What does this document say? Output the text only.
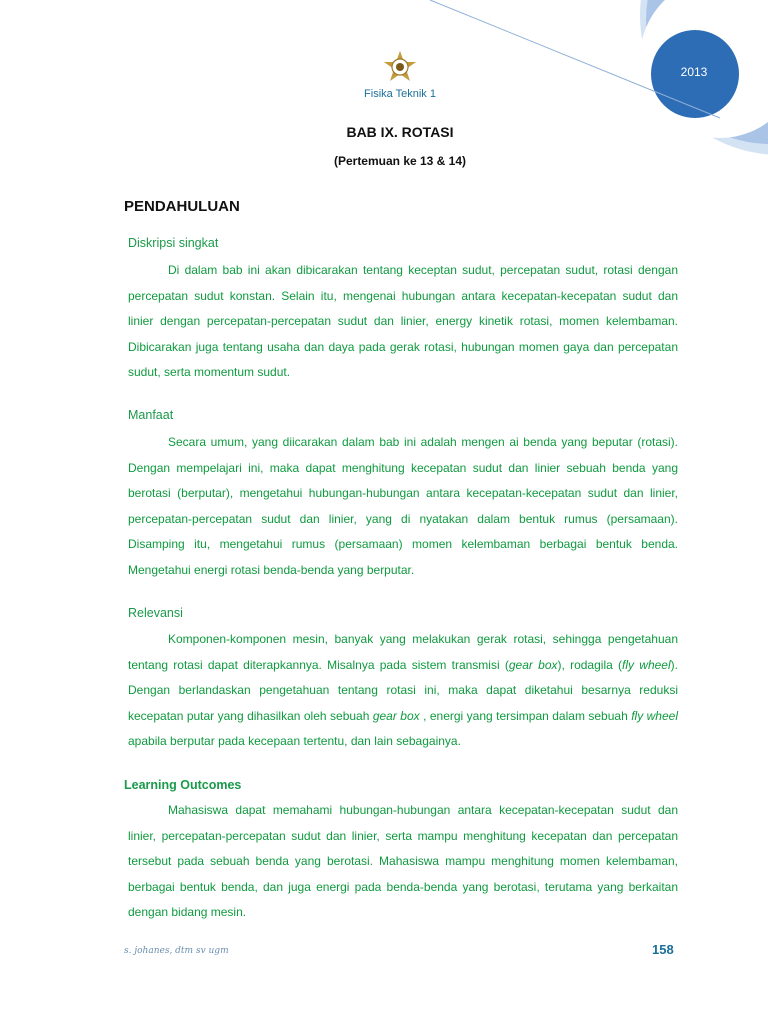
2013
Fisika Teknik 1
BAB IX. ROTASI
(Pertemuan ke 13 & 14)
PENDAHULUAN
Diskripsi singkat
Di dalam bab ini akan dibicarakan tentang keceptan sudut, percepatan sudut, rotasi dengan percepatan sudut konstan. Selain itu, mengenai hubungan antara kecepatan-kecepatan sudut dan linier dengan percepatan-percepatan sudut dan linier, energy kinetik rotasi, momen kelembaman. Dibicarakan juga tentang usaha dan daya pada gerak rotasi, hubungan momen gaya dan percepatan sudut, serta momentum sudut.
Manfaat
Secara umum, yang diicarakan dalam bab ini adalah mengen ai benda yang beputar (rotasi). Dengan mempelajari ini, maka dapat menghitung kecepatan sudut dan linier sebuah benda yang berotasi (berputar), mengetahui hubungan-hubungan antara kecepatan-kecepatan sudut dan linier, percepatan-percepatan sudut dan linier, yang di nyatakan dalam bentuk rumus (persamaan). Disamping itu, mengetahui rumus (persamaan) momen kelembaman berbagai bentuk benda. Mengetahui energi rotasi benda-benda yang berputar.
Relevansi
Komponen-komponen mesin, banyak yang melakukan gerak rotasi, sehingga pengetahuan tentang rotasi dapat diterapkannya. Misalnya pada sistem transmisi (gear box), rodagila (fly wheel). Dengan berlandaskan pengetahuan tentang rotasi ini, maka dapat diketahui besarnya reduksi kecepatan putar yang dihasilkan oleh sebuah gear box , energi yang tersimpan dalam sebuah fly wheel apabila berputar pada kecepaan tertentu, dan lain sebagainya.
Learning Outcomes
Mahasiswa dapat memahami hubungan-hubungan antara kecepatan-kecepatan sudut dan linier, percepatan-percepatan sudut dan linier, serta mampu menghitung kecepatan dan percepatan tersebut pada sebuah benda yang berotasi. Mahasiswa mampu menghitung momen kelembaman, berbagai bentuk benda, dan juga energi pada benda-benda yang berotasi, terutama yang berkaitan dengan bidang mesin.
s. johanes, dtm sv ugm	158
